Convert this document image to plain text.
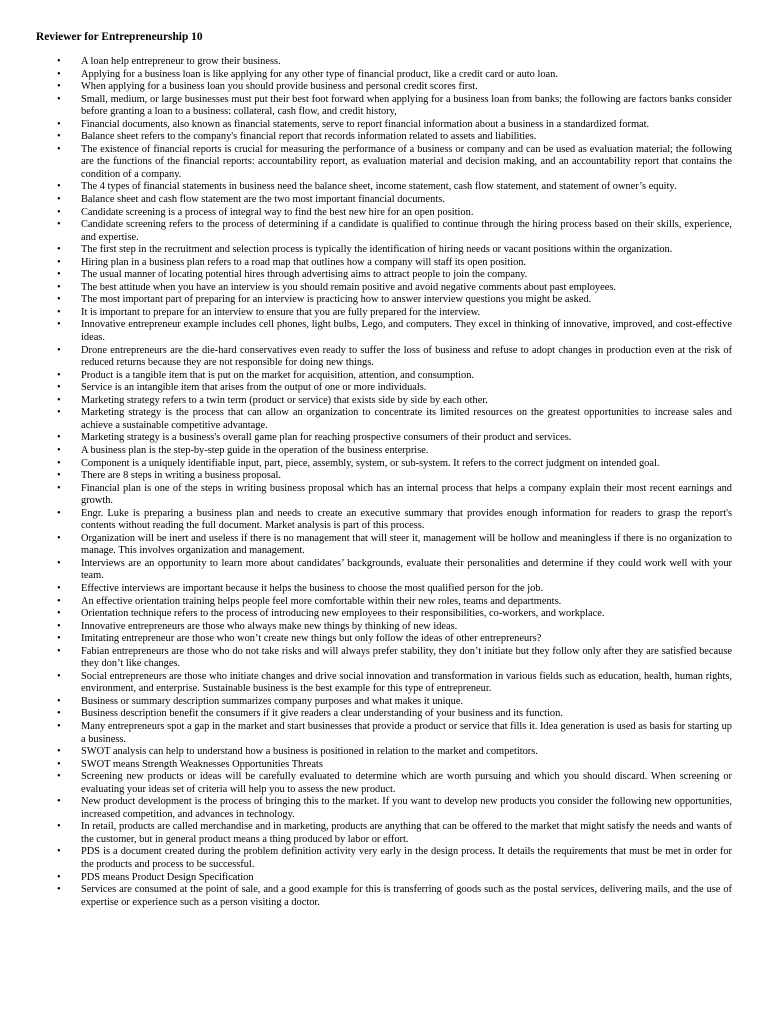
Reviewer for Entrepreneurship 10
• A loan help entrepreneur to grow their business.
• Applying for a business loan is like applying for any other type of financial product, like a credit card or auto loan.
• When applying for a business loan you should provide business and personal credit scores first.
• Small, medium, or large businesses must put their best foot forward when applying for a business loan from banks; the following are factors banks consider before granting a loan to a business: collateral, cash flow, and credit history,
• Financial documents, also known as financial statements, serve to report financial information about a business in a standardized format.
• Balance sheet refers to the company's financial report that records information related to assets and liabilities.
• The existence of financial reports is crucial for measuring the performance of a business or company and can be used as evaluation material; the following are the functions of the financial reports: accountability report, as evaluation material and decision making, and an accountability report that contains the condition of a company.
• The 4 types of financial statements in business need the balance sheet, income statement, cash flow statement, and statement of owner’s equity.
• Balance sheet and cash flow statement are the two most important financial documents.
• Candidate screening is a process of integral way to find the best new hire for an open position.
• Candidate screening refers to the process of determining if a candidate is qualified to continue through the hiring process based on their skills, experience, and expertise.
• The first step in the recruitment and selection process is typically the identification of hiring needs or vacant positions within the organization.
• Hiring plan in a business plan refers to a road map that outlines how a company will staff its open position.
• The usual manner of locating potential hires through advertising aims to attract people to join the company.
• The best attitude when you have an interview is you should remain positive and avoid negative comments about past employees.
• The most important part of preparing for an interview is practicing how to answer interview questions you might be asked.
• It is important to prepare for an interview to ensure that you are fully prepared for the interview.
• Innovative entrepreneur example includes cell phones, light bulbs, Lego, and computers. They excel in thinking of innovative, improved, and cost-effective ideas.
• Drone entrepreneurs are the die-hard conservatives even ready to suffer the loss of business and refuse to adopt changes in production even at the risk of reduced returns because they are not responsible for doing new things.
• Product is a tangible item that is put on the market for acquisition, attention, and consumption.
• Service is an intangible item that arises from the output of one or more individuals.
• Marketing strategy refers to a twin term (product or service) that exists side by side by each other.
• Marketing strategy is the process that can allow an organization to concentrate its limited resources on the greatest opportunities to increase sales and achieve a sustainable competitive advantage.
• Marketing strategy is a business's overall game plan for reaching prospective consumers of their product and services.
• A business plan is the step-by-step guide in the operation of the business enterprise.
• Component is a uniquely identifiable input, part, piece, assembly, system, or sub-system. It refers to the correct judgment on intended goal.
• There are 8 steps in writing a business proposal.
• Financial plan is one of the steps in writing business proposal which has an internal process that helps a company explain their most recent earnings and growth.
• Engr. Luke is preparing a business plan and needs to create an executive summary that provides enough information for readers to grasp the report's contents without reading the full document. Market analysis is part of this process.
• Organization will be inert and useless if there is no management that will steer it, management will be hollow and meaningless if there is no organization to manage. This involves organization and management.
• Interviews are an opportunity to learn more about candidates’ backgrounds, evaluate their personalities and determine if they could work well with your team.
• Effective interviews are important because it helps the business to choose the most qualified person for the job.
• An effective orientation training helps people feel more comfortable within their new roles, teams and departments.
• Orientation technique refers to the process of introducing new employees to their responsibilities, co-workers, and workplace.
• Innovative entrepreneurs are those who always make new things by thinking of new ideas.
• Imitating entrepreneur are those who won’t create new things but only follow the ideas of other entrepreneurs?
• Fabian entrepreneurs are those who do not take risks and will always prefer stability, they don’t initiate but they follow only after they are satisfied because they don’t like changes.
• Social entrepreneurs are those who initiate changes and drive social innovation and transformation in various fields such as education, health, human rights, environment, and enterprise. Sustainable business is the best example for this type of entrepreneur.
• Business or summary description summarizes company purposes and what makes it unique.
• Business description benefit the consumers if it give readers a clear understanding of your business and its function.
• Many entrepreneurs spot a gap in the market and start businesses that provide a product or service that fills it. Idea generation is used as basis for starting up a business.
• SWOT analysis can help to understand how a business is positioned in relation to the market and competitors.
• SWOT means Strength Weaknesses Opportunities Threats
• Screening new products or ideas will be carefully evaluated to determine which are worth pursuing and which you should discard. When screening or evaluating your ideas set of criteria will help you to assess the new product.
• New product development is the process of bringing this to the market. If you want to develop new products you consider the following new opportunities, increased competition, and advances in technology.
• In retail, products are called merchandise and in marketing, products are anything that can be offered to the market that might satisfy the needs and wants of the customer, but in general product means a thing produced by labor or effort.
• PDS is a document created during the problem definition activity very early in the design process. It details the requirements that must be met in order for the products and process to be successful.
• PDS means Product Design Specification
• Services are consumed at the point of sale, and a good example for this is transferring of goods such as the postal services, delivering mails, and the use of expertise or experience such as a person visiting a doctor.
